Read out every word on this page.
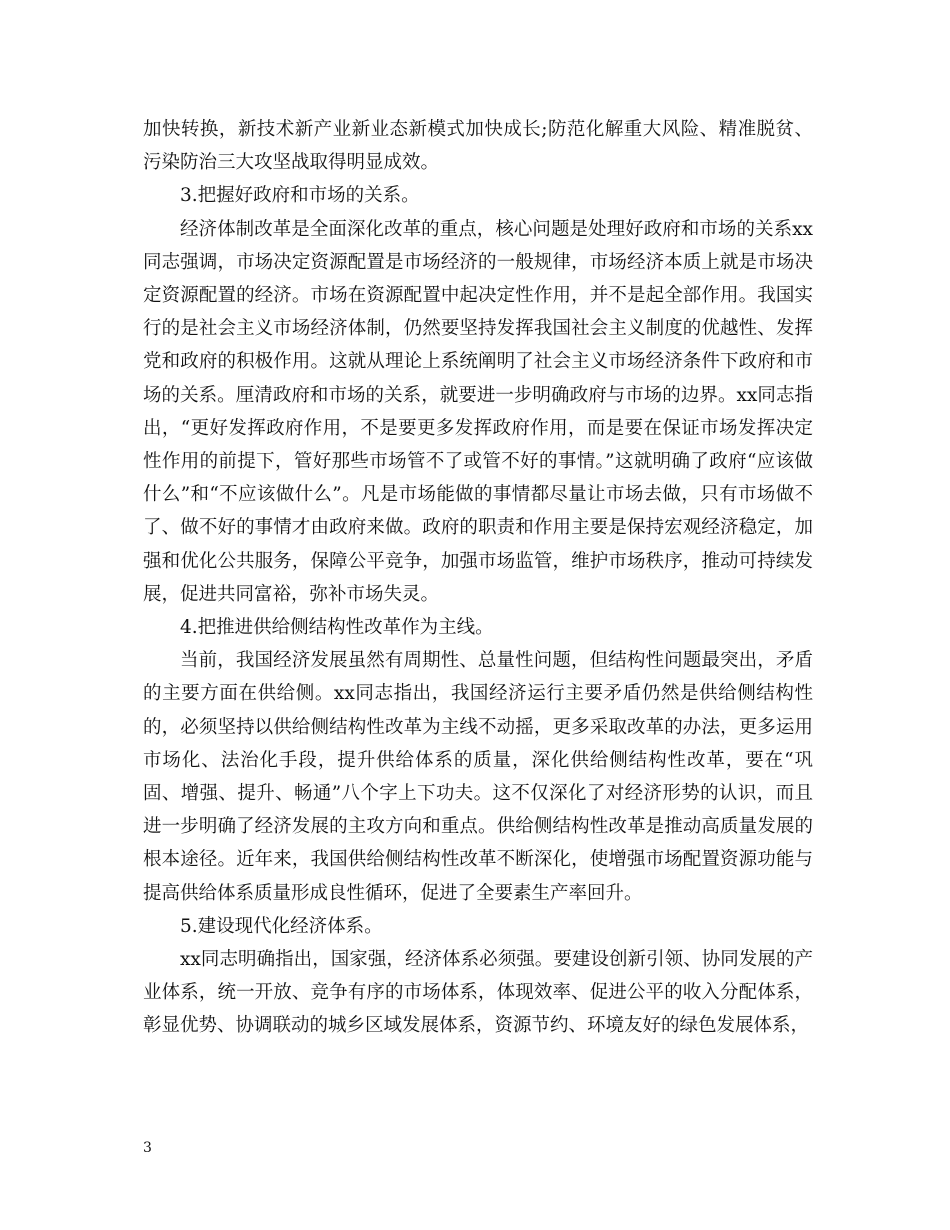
加快转换，新技术新产业新业态新模式加快成长;防范化解重大风险、精准脱贫、污染防治三大攻坚战取得明显成效。

3.把握好政府和市场的关系。

经济体制改革是全面深化改革的重点，核心问题是处理好政府和市场的关系xx同志强调，市场决定资源配置是市场经济的一般规律，市场经济本质上就是市场决定资源配置的经济。市场在资源配置中起决定性作用，并不是起全部作用。我国实行的是社会主义市场经济体制，仍然要坚持发挥我国社会主义制度的优越性、发挥党和政府的积极作用。这就从理论上系统阐明了社会主义市场经济条件下政府和市场的关系。厘清政府和市场的关系，就要进一步明确政府与市场的边界。xx同志指出，“更好发挥政府作用，不是要更多发挥政府作用，而是要在保证市场发挥决定性作用的前提下，管好那些市场管不了或管不好的事情。”这就明确了政府“应该做什么”和“不应该做什么”。凡是市场能做的事情都尽量让市场去做，只有市场做不了、做不好的事情才由政府来做。政府的职责和作用主要是保持宏观经济稳定，加强和优化公共服务，保障公平竞争，加强市场监管，维护市场秩序，推动可持续发展，促进共同富裕，弥补市场失灵。

4.把推进供给侧结构性改革作为主线。

当前，我国经济发展虽然有周期性、总量性问题，但结构性问题最突出，矛盾的主要方面在供给侧。xx同志指出，我国经济运行主要矛盾仍然是供给侧结构性的，必须坚持以供给侧结构性改革为主线不动摇，更多采取改革的办法，更多运用市场化、法治化手段，提升供给体系的质量，深化供给侧结构性改革，要在“巩固、增强、提升、畅通”八个字上下功夫。这不仅深化了对经济形势的认识，而且进一步明确了经济发展的主攻方向和重点。供给侧结构性改革是推动高质量发展的根本途径。近年来，我国供给侧结构性改革不断深化，使增强市场配置资源功能与提高供给体系质量形成良性循环，促进了全要素生产率回升。

5.建设现代化经济体系。

xx同志明确指出，国家强，经济体系必须强。要建设创新引领、协同发展的产业体系，统一开放、竞争有序的市场体系，体现效率、促进公平的收入分配体系，彰显优势、协调联动的城乡区域发展体系，资源节约、环境友好的绿色发展体系，

3
